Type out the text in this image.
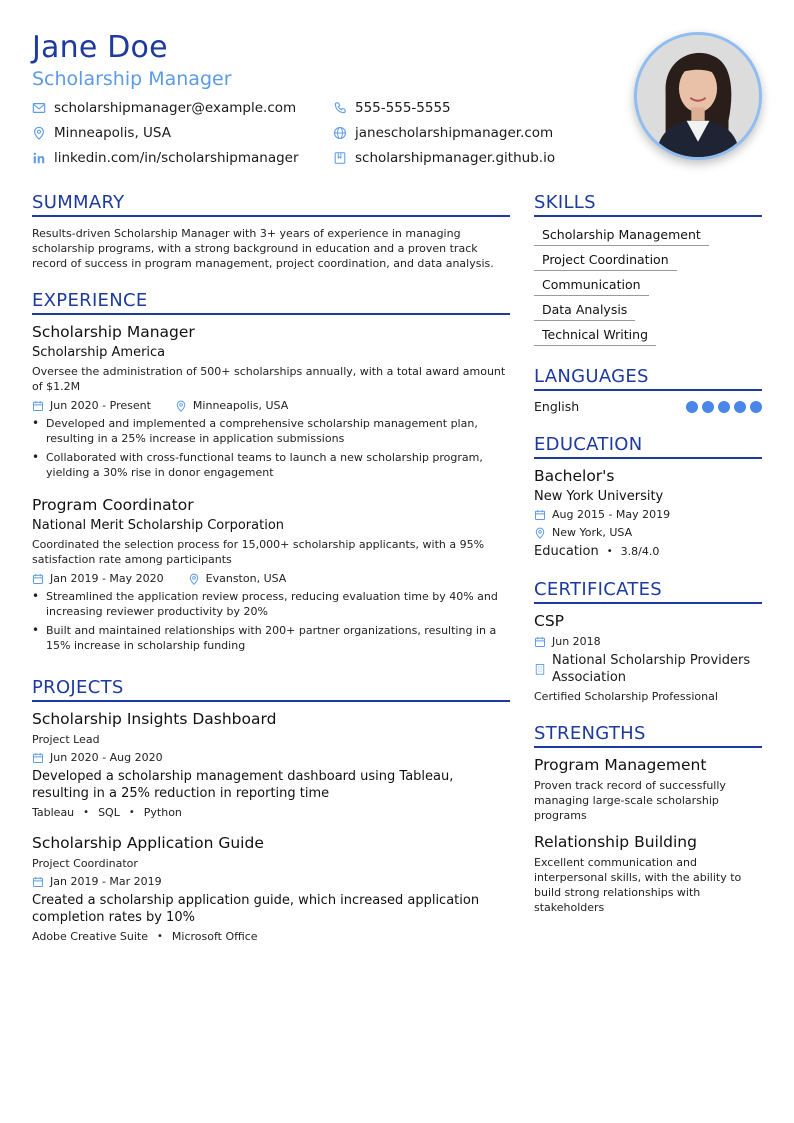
Jane Doe
Scholarship Manager
scholarshipmanager@example.com	555-555-5555
Minneapolis, USA	janescholarshipmanager.com
linkedin.com/in/scholarshipmanager	scholarshipmanager.github.io
SUMMARY
Results-driven Scholarship Manager with 3+ years of experience in managing scholarship programs, with a strong background in education and a proven track record of success in program management, project coordination, and data analysis.
EXPERIENCE
Scholarship Manager
Scholarship America
Oversee the administration of 500+ scholarships annually, with a total award amount of $1.2M
Jun 2020 - Present	Minneapolis, USA
• Developed and implemented a comprehensive scholarship management plan, resulting in a 25% increase in application submissions
• Collaborated with cross-functional teams to launch a new scholarship program, yielding a 30% rise in donor engagement
Program Coordinator
National Merit Scholarship Corporation
Coordinated the selection process for 15,000+ scholarship applicants, with a 95% satisfaction rate among participants
Jan 2019 - May 2020	Evanston, USA
• Streamlined the application review process, reducing evaluation time by 40% and increasing reviewer productivity by 20%
• Built and maintained relationships with 200+ partner organizations, resulting in a 15% increase in scholarship funding
PROJECTS
Scholarship Insights Dashboard
Project Lead
Jun 2020 - Aug 2020
Developed a scholarship management dashboard using Tableau, resulting in a 25% reduction in reporting time
Tableau • SQL • Python
Scholarship Application Guide
Project Coordinator
Jan 2019 - Mar 2019
Created a scholarship application guide, which increased application completion rates by 10%
Adobe Creative Suite • Microsoft Office
SKILLS
Scholarship Management
Project Coordination
Communication
Data Analysis
Technical Writing
LANGUAGES
English
EDUCATION
Bachelor's
New York University
Aug 2015 - May 2019
New York, USA
Education • 3.8/4.0
CERTIFICATES
CSP
Jun 2018
National Scholarship Providers Association
Certified Scholarship Professional
STRENGTHS
Program Management
Proven track record of successfully managing large-scale scholarship programs
Relationship Building
Excellent communication and interpersonal skills, with the ability to build strong relationships with stakeholders
